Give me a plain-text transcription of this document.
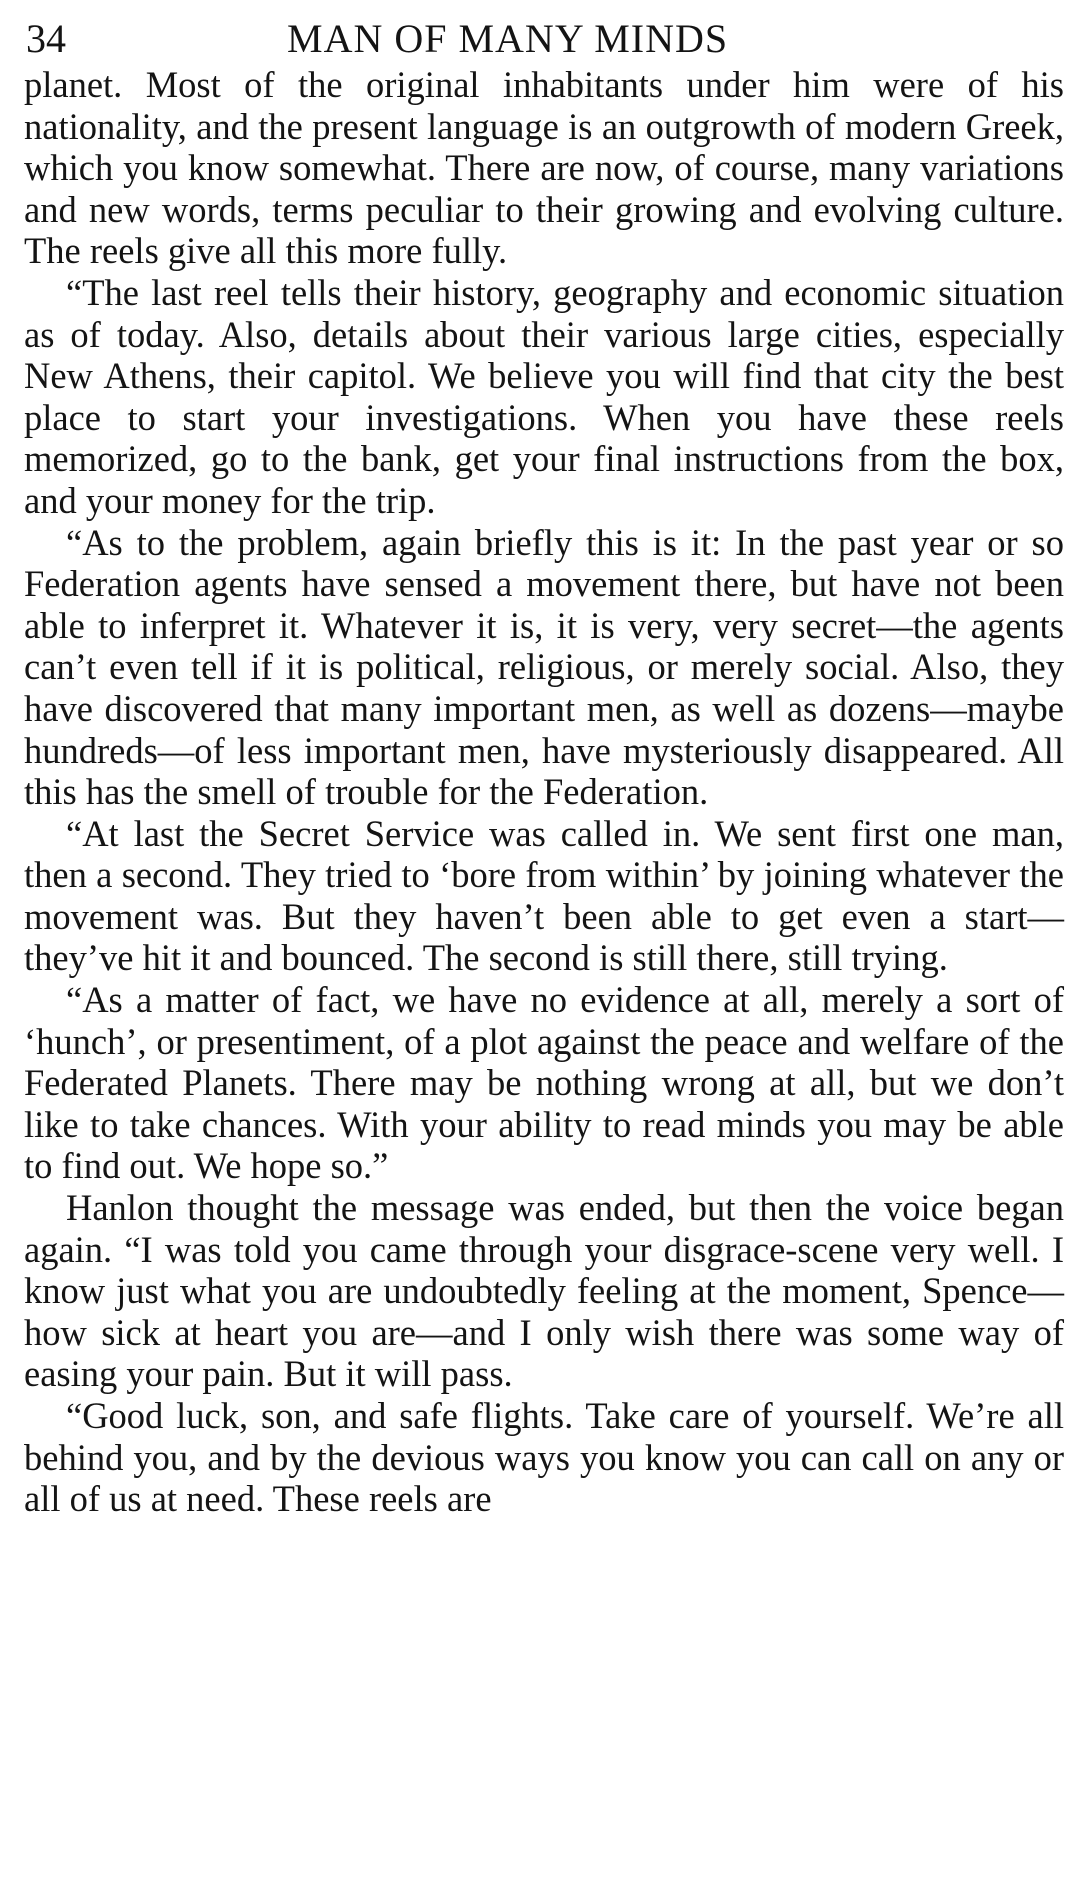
34	MAN OF MANY MINDS

planet. Most of the original inhabitants under him were of his nationality, and the present language is an outgrowth of modern Greek, which you know somewhat. There are now, of course, many variations and new words, terms peculiar to their growing and evolving culture. The reels give all this more fully.

“The last reel tells their history, geography and economic situation as of today. Also, details about their various large cities, especially New Athens, their capitol. We believe you will find that city the best place to start your investigations. When you have these reels memorized, go to the bank, get your final instructions from the box, and your money for the trip.

“As to the problem, again briefly this is it: In the past year or so Federation agents have sensed a movement there, but have not been able to inferpret it. Whatever it is, it is very, very secret—the agents can’t even tell if it is political, religious, or merely social. Also, they have discovered that many important men, as well as dozens—maybe hundreds—of less important men, have mysteriously disappeared. All this has the smell of trouble for the Federation.

“At last the Secret Service was called in. We sent first one man, then a second. They tried to ‘bore from within’ by joining whatever the movement was. But they haven’t been able to get even a start—they’ve hit it and bounced. The second is still there, still trying.

“As a matter of fact, we have no evidence at all, merely a sort of ‘hunch’, or presentiment, of a plot against the peace and welfare of the Federated Planets. There may be nothing wrong at all, but we don’t like to take chances. With your ability to read minds you may be able to find out. We hope so.”

Hanlon thought the message was ended, but then the voice began again. “I was told you came through your disgrace-scene very well. I know just what you are undoubtedly feeling at the moment, Spence—how sick at heart you are—and I only wish there was some way of easing your pain. But it will pass.

“Good luck, son, and safe flights. Take care of yourself. We’re all behind you, and by the devious ways you know you can call on any or all of us at need. These reels are
